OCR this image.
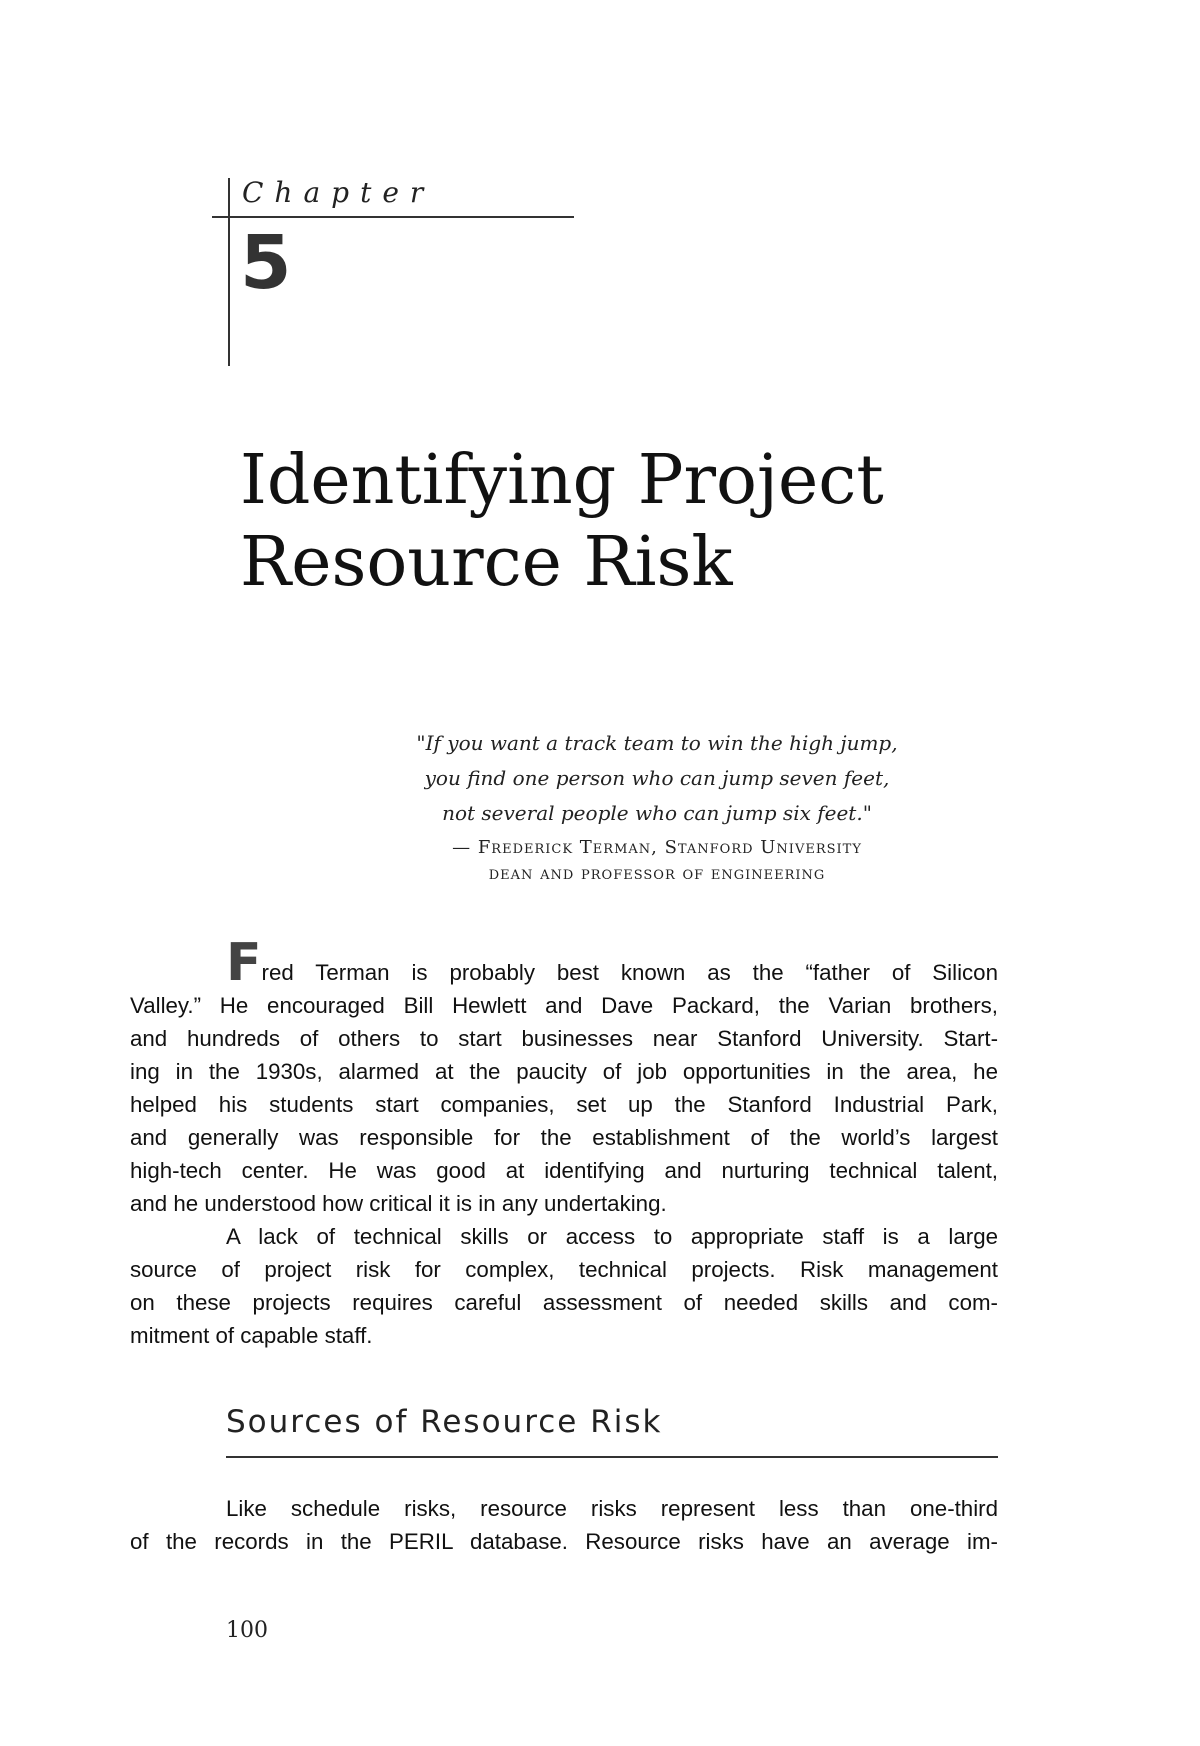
Chapter
5
Identifying Project
Resource Risk
"If you want a track team to win the high jump,
you find one person who can jump seven feet,
not several people who can jump six feet."
— Frederick Terman, Stanford University
dean and professor of engineering

Fred Terman is probably best known as the “father of Silicon
Valley.” He encouraged Bill Hewlett and Dave Packard, the Varian brothers,
and hundreds of others to start businesses near Stanford University. Start-
ing in the 1930s, alarmed at the paucity of job opportunities in the area, he
helped his students start companies, set up the Stanford Industrial Park,
and generally was responsible for the establishment of the world’s largest
high-tech center. He was good at identifying and nurturing technical talent,
and he understood how critical it is in any undertaking.

A lack of technical skills or access to appropriate staff is a large
source of project risk for complex, technical projects. Risk management
on these projects requires careful assessment of needed skills and com-
mitment of capable staff.

Sources of Resource Risk

Like schedule risks, resource risks represent less than one-third
of the records in the PERIL database. Resource risks have an average im-

100
